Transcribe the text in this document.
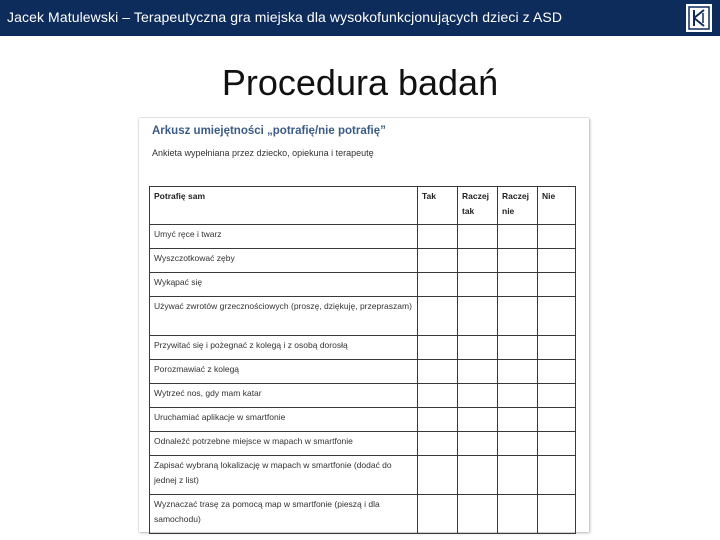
Jacek Matulewski – Terapeutyczna gra miejska dla wysokofunkcjonujących dzieci z ASD
Procedura badań
Arkusz umiejętności „potrafię/nie potrafię”
Ankieta wypełniana przez dziecko, opiekuna i terapeutę
Potrafię sam	Tak	Raczej tak	Raczej nie	Nie
Umyć ręce i twarz				
Wyszczotkować zęby				
Wykąpać się				
Używać zwrotów grzecznościowych (proszę, dziękuję, przepraszam)				
Przywitać się i pożegnać z kolegą i z osobą dorosłą				
Porozmawiać z kolegą				
Wytrzeć nos, gdy mam katar				
Uruchamiać aplikacje w smartfonie				
Odnaleźć potrzebne miejsce w mapach w smartfonie				
Zapisać wybraną lokalizację w mapach w smartfonie (dodać do jednej z list)				
Wyznaczać trasę za pomocą map w smartfonie (pieszą i dla samochodu)				
